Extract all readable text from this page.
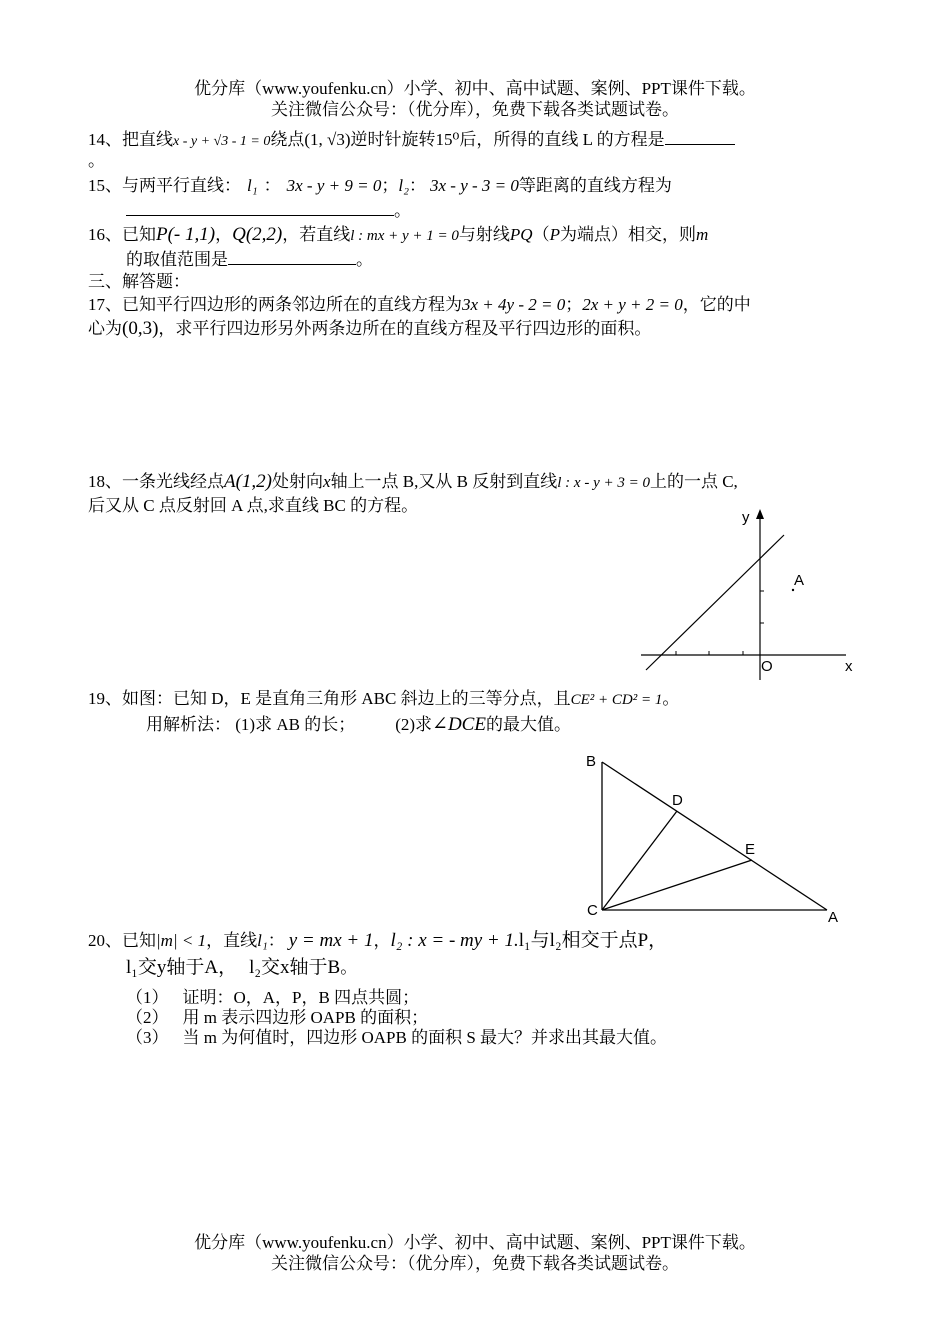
优分库（www.youfenku.cn）小学、初中、高中试题、案例、PPT课件下载。
关注微信公众号：（优分库），免费下载各类试题试卷。
14、把直线x - y + √3 - 1 = 0绕点(1, √3)逆时针旋转15⁰后，所得的直线 L 的方程是
。
15、与两平行直线： l₁ ： 3x - y + 9 = 0；l₂： 3x - y - 3 = 0等距离的直线方程为
。
16、已知P(- 1,1)，Q(2,2)，若直线l : mx + y + 1 = 0与射线PQ（P为端点）相交，则m
的取值范围是	。
三、解答题：
17、已知平行四边形的两条邻边所在的直线方程为3x + 4y - 2 = 0；2x + y + 2 = 0，它的中
心为(0,3)，求平行四边形另外两条边所在的直线方程及平行四边形的面积。
18、一条光线经点A(1,2)处射向x轴上一点 B,又从 B 反射到直线l : x - y + 3 = 0上的一点 C,
后又从 C 点反射回 A 点,求直线 BC 的方程。
y
x
O
A
19、如图：已知 D，E 是直角三角形 ABC 斜边上的三等分点，且CE² + CD² = 1。
用解析法： (1)求 AB 的长； (2)求∠DCE的最大值。
B
D
E
C	A
20、已知|m| < 1，直线l₁： y = mx + 1，l₂ : x = - my + 1.l₁与l₂相交于点P，
l₁交y轴于A， l₂交x轴于B。
（1） 证明：O，A，P，B 四点共圆；
（2） 用 m 表示四边形 OAPB 的面积；
（3） 当 m 为何值时，四边形 OAPB 的面积 S 最大？并求出其最大值。
优分库（www.youfenku.cn）小学、初中、高中试题、案例、PPT课件下载。
关注微信公众号：（优分库），免费下载各类试题试卷。
